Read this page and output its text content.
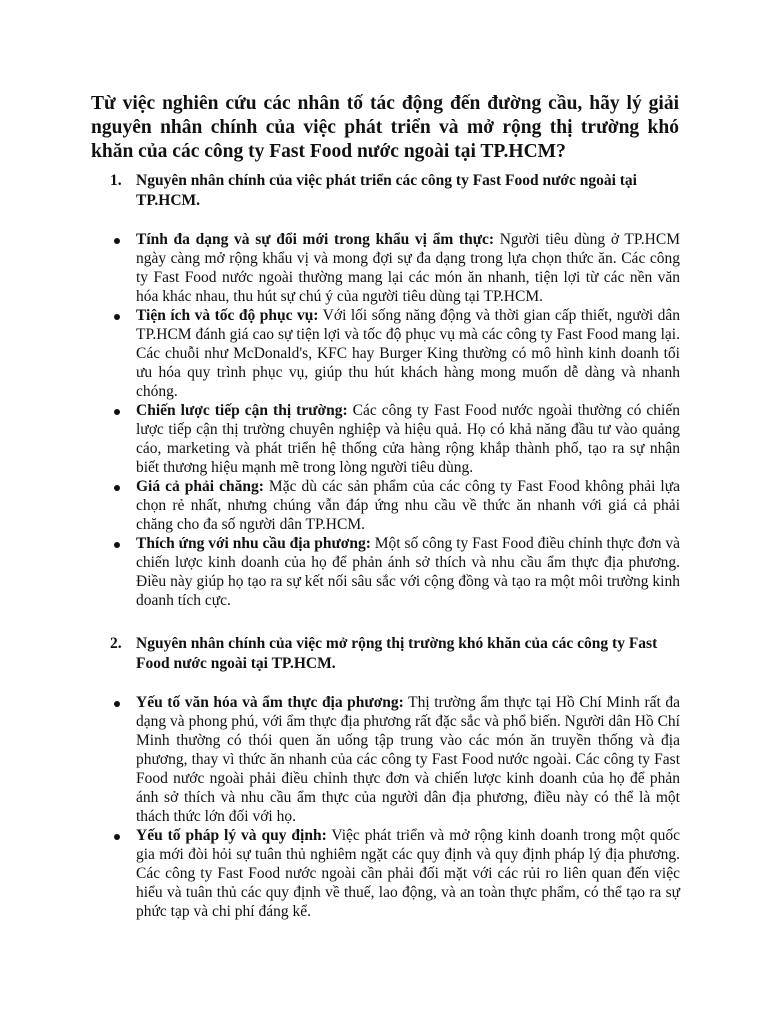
Từ việc nghiên cứu các nhân tố tác động đến đường cầu, hãy lý giải nguyên nhân chính của việc phát triển và mở rộng thị trường khó khăn của các công ty Fast Food nước ngoài tại TP.HCM?
1. Nguyên nhân chính của việc phát triển các công ty Fast Food nước ngoài tại TP.HCM.
Tính đa dạng và sự đổi mới trong khẩu vị ẩm thực: Người tiêu dùng ở TP.HCM ngày càng mở rộng khẩu vị và mong đợi sự đa dạng trong lựa chọn thức ăn. Các công ty Fast Food nước ngoài thường mang lại các món ăn nhanh, tiện lợi từ các nền văn hóa khác nhau, thu hút sự chú ý của người tiêu dùng tại TP.HCM.
Tiện ích và tốc độ phục vụ: Với lối sống năng động và thời gian cấp thiết, người dân TP.HCM đánh giá cao sự tiện lợi và tốc độ phục vụ mà các công ty Fast Food mang lại. Các chuỗi như McDonald's, KFC hay Burger King thường có mô hình kinh doanh tối ưu hóa quy trình phục vụ, giúp thu hút khách hàng mong muốn dễ dàng và nhanh chóng.
Chiến lược tiếp cận thị trường: Các công ty Fast Food nước ngoài thường có chiến lược tiếp cận thị trường chuyên nghiệp và hiệu quả. Họ có khả năng đầu tư vào quảng cáo, marketing và phát triển hệ thống cửa hàng rộng khắp thành phố, tạo ra sự nhận biết thương hiệu mạnh mẽ trong lòng người tiêu dùng.
Giá cả phải chăng: Mặc dù các sản phẩm của các công ty Fast Food không phải lựa chọn rẻ nhất, nhưng chúng vẫn đáp ứng nhu cầu về thức ăn nhanh với giá cả phải chăng cho đa số người dân TP.HCM.
Thích ứng với nhu cầu địa phương: Một số công ty Fast Food điều chỉnh thực đơn và chiến lược kinh doanh của họ để phản ánh sở thích và nhu cầu ẩm thực địa phương. Điều này giúp họ tạo ra sự kết nối sâu sắc với cộng đồng và tạo ra một môi trường kinh doanh tích cực.
2. Nguyên nhân chính của việc mở rộng thị trường khó khăn của các công ty Fast Food nước ngoài tại TP.HCM.
Yếu tố văn hóa và ẩm thực địa phương: Thị trường ẩm thực tại Hồ Chí Minh rất đa dạng và phong phú, với ẩm thực địa phương rất đặc sắc và phổ biến. Người dân Hồ Chí Minh thường có thói quen ăn uống tập trung vào các món ăn truyền thống và địa phương, thay vì thức ăn nhanh của các công ty Fast Food nước ngoài. Các công ty Fast Food nước ngoài phải điều chỉnh thực đơn và chiến lược kinh doanh của họ để phản ánh sở thích và nhu cầu ẩm thực của người dân địa phương, điều này có thể là một thách thức lớn đối với họ.
Yếu tố pháp lý và quy định: Việc phát triển và mở rộng kinh doanh trong một quốc gia mới đòi hỏi sự tuân thủ nghiêm ngặt các quy định và quy định pháp lý địa phương. Các công ty Fast Food nước ngoài cần phải đối mặt với các rủi ro liên quan đến việc hiểu và tuân thủ các quy định về thuế, lao động, và an toàn thực phẩm, có thể tạo ra sự phức tạp và chi phí đáng kể.
